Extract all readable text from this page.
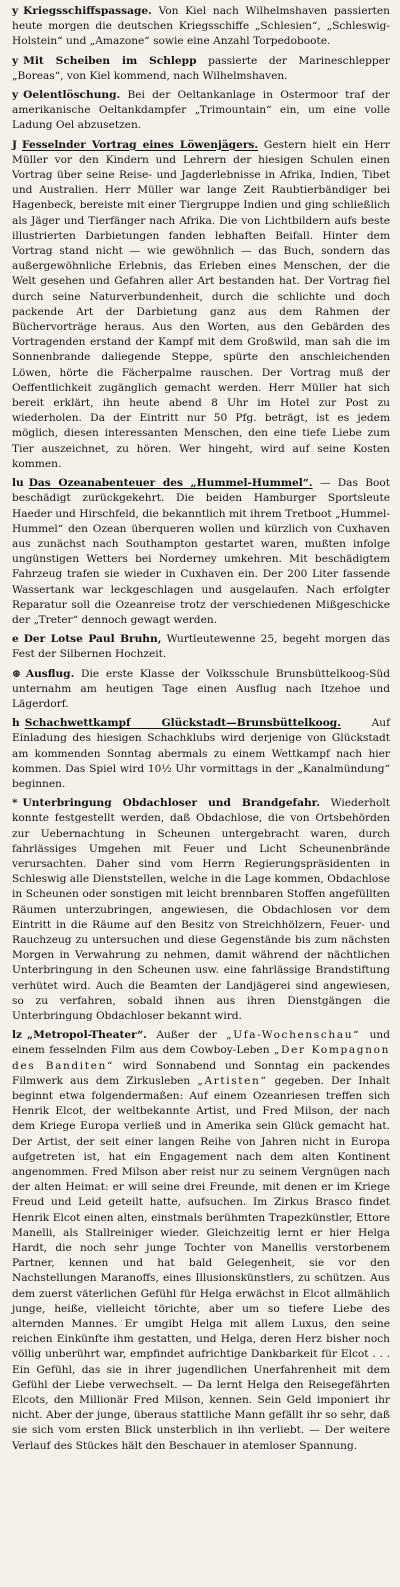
y Kriegsschiffspassage. Von Kiel nach Wilhelmshaven passierten heute morgen die deutschen Kriegsschiffe „Schlesien“, „Schleswig-Holstein“ und „Amazone“ sowie eine Anzahl Torpedoboote.

y Mit Scheiben im Schlepp passierte der Marineschlepper „Boreas“, von Kiel kommend, nach Wilhelmshaven.

y Oelentlöschung. Bei der Oeltankanlage in Ostermoor traf der amerikanische Oeltankdampfer „Trimountain“ ein, um eine volle Ladung Oel abzusetzen.

J Fesselnder Vortrag eines Löwenjägers. Gestern hielt ein Herr Müller vor den Kindern und Lehrern der hiesigen Schulen einen Vortrag über seine Reise- und Jagderlebnisse in Afrika, Indien, Tibet und Australien. Herr Müller war lange Zeit Raubtierbändiger bei Hagenbeck, bereiste mit einer Tiergruppe Indien und ging schließlich als Jäger und Tierfänger nach Afrika. Die von Lichtbildern aufs beste illustrierten Darbietungen fanden lebhaften Beifall. Hinter dem Vortrag stand nicht — wie gewöhnlich — das Buch, sondern das außergewöhnliche Erlebnis, das Erleben eines Menschen, der die Welt gesehen und Gefahren aller Art bestanden hat. Der Vortrag fiel durch seine Naturverbundenheit, durch die schlichte und doch packende Art der Darbietung ganz aus dem Rahmen der Büchervorträge heraus. Aus den Worten, aus den Gebärden des Vortragenden erstand der Kampf mit dem Großwild, man sah die im Sonnenbrande daliegende Steppe, spürte den anschleichenden Löwen, hörte die Fächerpalme rauschen. Der Vortrag muß der Oeffentlichkeit zugänglich gemacht werden. Herr Müller hat sich bereit erklärt, ihn heute abend 8 Uhr im Hotel zur Post zu wiederholen. Da der Eintritt nur 50 Pfg. beträgt, ist es jedem möglich, diesen interessanten Menschen, den eine tiefe Liebe zum Tier auszeichnet, zu hören. Wer hingeht, wird auf seine Kosten kommen.

lu Das Ozeanabenteuer des „Hummel-Hummel“. — Das Boot beschädigt zurückgekehrt. Die beiden Hamburger Sportsleute Haeder und Hirschfeld, die bekanntlich mit ihrem Tretboot „Hummel-Hummel“ den Ozean überqueren wollen und kürzlich von Cuxhaven aus zunächst nach Southampton gestartet waren, mußten infolge ungünstigen Wetters bei Norderney umkehren. Mit beschädigtem Fahrzeug trafen sie wieder in Cuxhaven ein. Der 200 Liter fassende Wassertank war leckgeschlagen und ausgelaufen. Nach erfolgter Reparatur soll die Ozeanreise trotz der verschiedenen Mißgeschicke der „Treter“ dennoch gewagt werden.

e Der Lotse Paul Bruhn, Wurtleutewenne 25, begeht morgen das Fest der Silbernen Hochzeit.

⊛ Ausflug. Die erste Klasse der Volksschule Brunsbüttelkoog-Süd unternahm am heutigen Tage einen Ausflug nach Itzehoe und Lägerdorf.

h Schachwettkampf Glückstadt—Brunsbüttelkoog.	Auf Einladung des hiesigen Schachklubs wird derjenige von Glückstadt am kommenden Sonntag abermals zu einem Wettkampf nach hier kommen. Das Spiel wird 10½ Uhr vormittags in der „Kanalmündung“ beginnen.

* Unterbringung Obdachloser und Brandgefahr. Wiederholt konnte festgestellt werden, daß Obdachlose, die von Ortsbehörden zur Uebernachtung in Scheunen untergebracht waren, durch fahrlässiges Umgehen mit Feuer und Licht Scheunenbrände verursachten. Daher sind vom Herrn Regierungspräsidenten in Schleswig alle Dienststellen, welche in die Lage kommen, Obdachlose in Scheunen oder sonstigen mit leicht brennbaren Stoffen angefüllten Räumen unterzubringen, angewiesen, die Obdachlosen vor dem Eintritt in die Räume auf den Besitz von Streichhölzern, Feuer- und Rauchzeug zu untersuchen und diese Gegenstände bis zum nächsten Morgen in Verwahrung zu nehmen, damit während der nächtlichen Unterbringung in den Scheunen usw. eine fahrlässige Brandstiftung verhütet wird. Auch die Beamten der Landjägerei sind angewiesen, so zu verfahren, sobald ihnen aus ihren Dienstgängen die Unterbringung Obdachloser bekannt wird.

lz „Metropol-Theater“. Außer der „Ufa-Wochenschau“ und einem fesselnden Film aus dem Cowboy-Leben „Der Kompagnon des Banditen“ wird Sonnabend und Sonntag ein packendes Filmwerk aus dem Zirkusleben „Artisten“ gegeben. Der Inhalt beginnt etwa folgendermaßen: Auf einem Ozeanriesen treffen sich Henrik Elcot, der weltbekannte Artist, und Fred Milson, der nach dem Kriege Europa verließ und in Amerika sein Glück gemacht hat. Der Artist, der seit einer langen Reihe von Jahren nicht in Europa aufgetreten ist, hat ein Engagement nach dem alten Kontinent angenommen. Fred Milson aber reist nur zu seinem Vergnügen nach der alten Heimat: er will seine drei Freunde, mit denen er im Kriege Freud und Leid geteilt hatte, aufsuchen. Im Zirkus Brasco findet Henrik Elcot einen alten, einstmals berühmten Trapezkünstler, Ettore Manelli, als Stallreiniger wieder. Gleichzeitig lernt er hier Helga Hardt, die noch sehr junge Tochter von Manellis verstorbenem Partner, kennen und hat bald Gelegenheit, sie vor den Nachstellungen Maranoffs, eines Illusionskünstlers, zu schützen. Aus dem zuerst väterlichen Gefühl für Helga erwächst in Elcot allmählich junge, heiße, vielleicht törichte, aber um so tiefere Liebe des alternden Mannes. Er umgibt Helga mit allem Luxus, den seine reichen Einkünfte ihm gestatten, und Helga, deren Herz bisher noch völlig unberührt war, empfindet aufrichtige Dankbarkeit für Elcot . . . Ein Gefühl, das sie in ihrer jugendlichen Unerfahrenheit mit dem Gefühl der Liebe verwechselt. — Da lernt Helga den Reisegefährten Elcots, den Millionär Fred Milson, kennen. Sein Geld imponiert ihr nicht. Aber der junge, überaus stattliche Mann gefällt ihr so sehr, daß sie sich vom ersten Blick unsterblich in ihn verliebt. — Der weitere Verlauf des Stückes hält den Beschauer in atemloser Spannung.
